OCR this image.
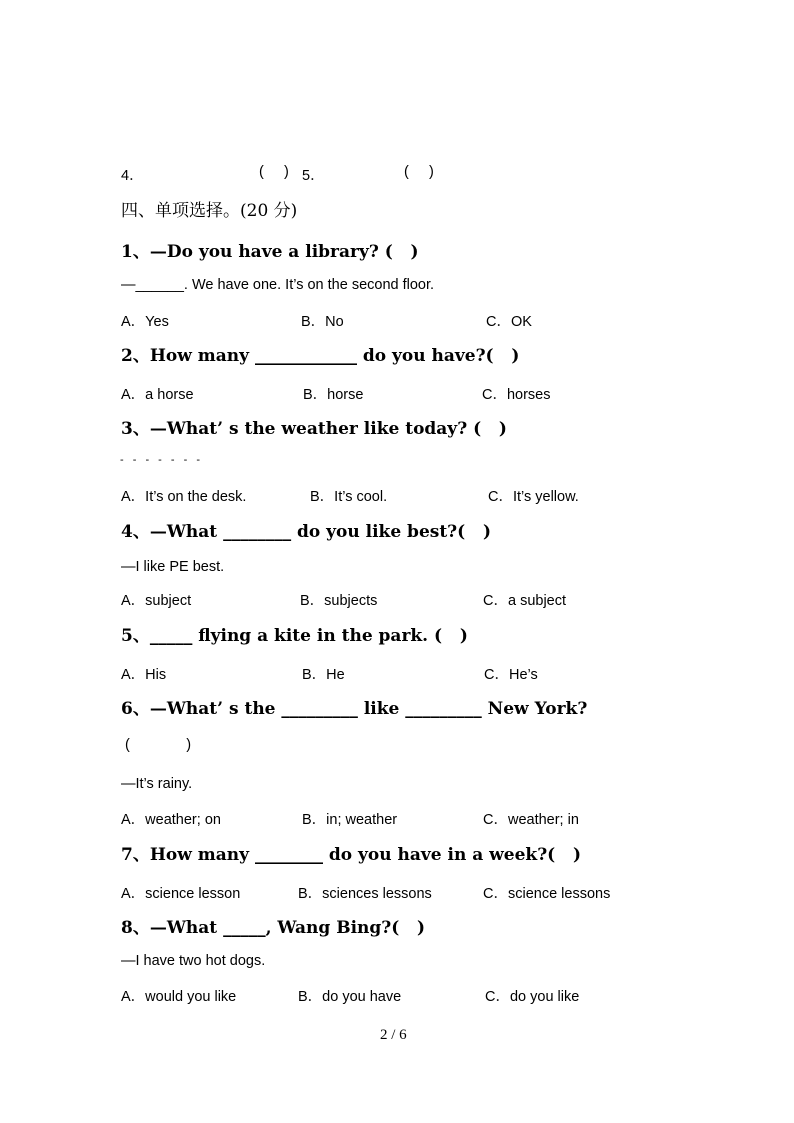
4．	(     ) 5．	(     )
四、单项选择。(20 分)
1、—Do you have a library? (   )
—______. We have one. It’s on the second floor.
A．Yes	B．No	C．OK
2、How many ____________ do you have?(   )
A．a horse	B．horse	C．horses
3、—What’ s the weather like today? (   )
- - - - - - -
A．It’s on the desk.	B．It’s cool.	C．It’s yellow.
4、—What ________ do you like best?(   )
—I like PE best.
A．subject	B．subjects	C．a subject
5、_____ flying a kite in the park. (   )
A．His	B．He	C．He’s
6、—What’ s the _________ like _________ New York?
(              )
—It’s rainy.
A．weather; on	B．in; weather	C．weather; in
7、How many ________ do you have in a week?(   )
A．science lesson	B．sciences lessons	C．science lessons
8、—What _____, Wang Bing?(   )
—I have two hot dogs.
A．would you like	B．do you have	C．do you like
2 / 6
